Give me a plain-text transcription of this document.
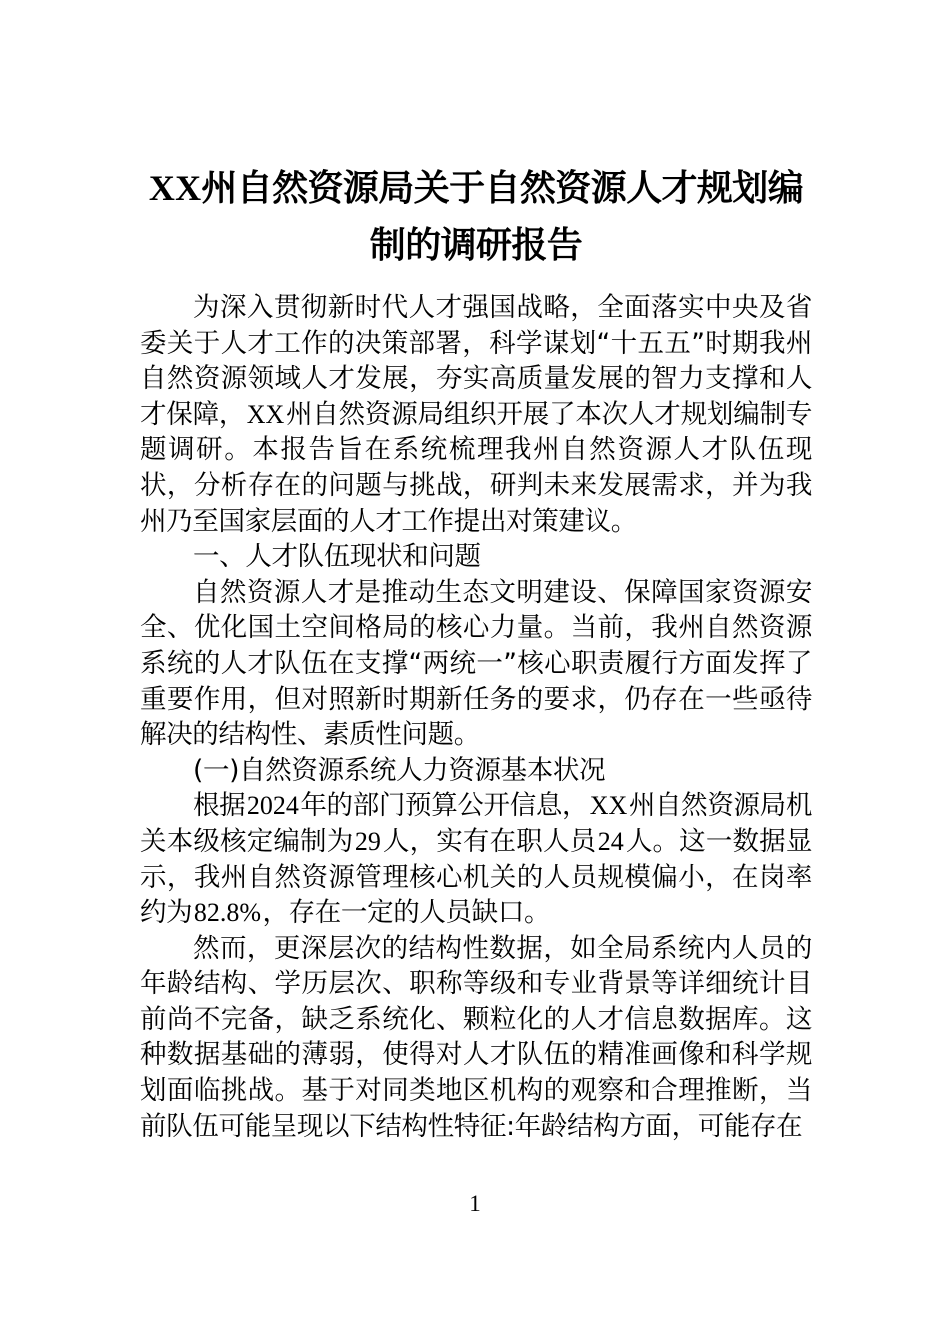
XX州自然资源局关于自然资源人才规划编制的调研报告

为深入贯彻新时代人才强国战略，全面落实中央及省委关于人才工作的决策部署，科学谋划“十五五”时期我州自然资源领域人才发展，夯实高质量发展的智力支撑和人才保障，XX州自然资源局组织开展了本次人才规划编制专题调研。本报告旨在系统梳理我州自然资源人才队伍现状，分析存在的问题与挑战，研判未来发展需求，并为我州乃至国家层面的人才工作提出对策建议。

一、人才队伍现状和问题

自然资源人才是推动生态文明建设、保障国家资源安全、优化国土空间格局的核心力量。当前，我州自然资源系统的人才队伍在支撑“两统一”核心职责履行方面发挥了重要作用，但对照新时期新任务的要求，仍存在一些亟待解决的结构性、素质性问题。

(一)自然资源系统人力资源基本状况

根据2024年的部门预算公开信息，XX州自然资源局机关本级核定编制为29人，实有在职人员24人。这一数据显示，我州自然资源管理核心机关的人员规模偏小，在岗率约为82.8%，存在一定的人员缺口。

然而，更深层次的结构性数据，如全局系统内人员的年龄结构、学历层次、职称等级和专业背景等详细统计目前尚不完备，缺乏系统化、颗粒化的人才信息数据库。这种数据基础的薄弱，使得对人才队伍的精准画像和科学规划面临挑战。基于对同类地区机构的观察和合理推断，当前队伍可能呈现以下结构性特征:年龄结构方面，可能存在

1
